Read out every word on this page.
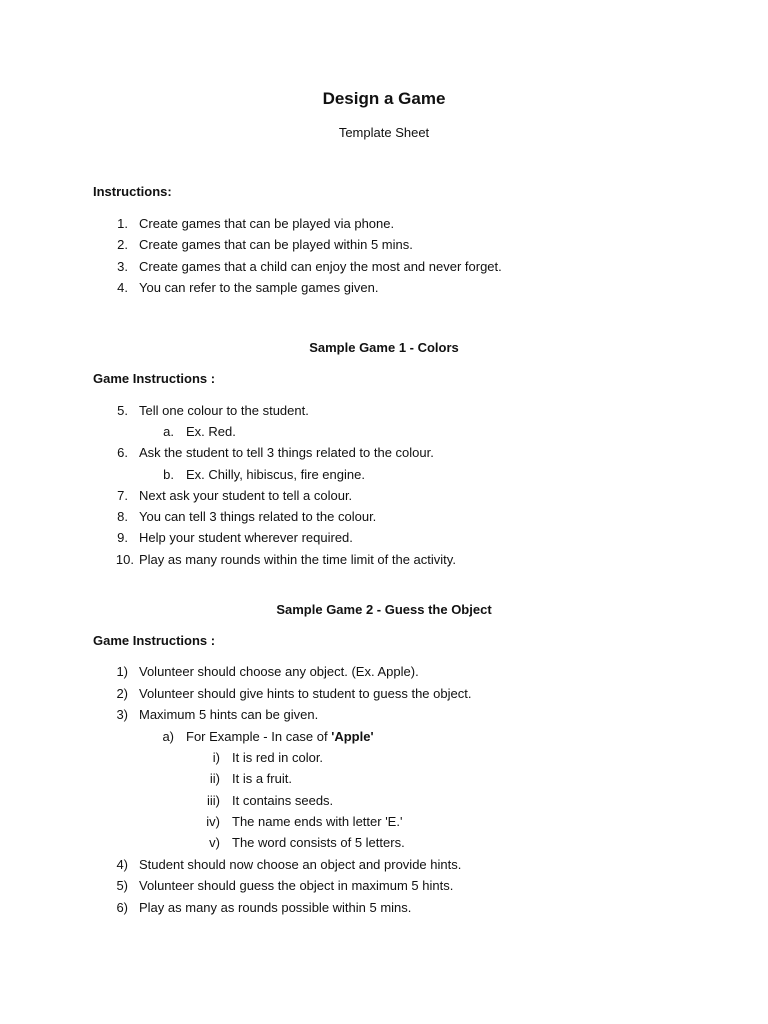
Design a Game
Template Sheet
Instructions:
1. Create games that can be played via phone.
2. Create games that can be played within 5 mins.
3. Create games that a child can enjoy the most and never forget.
4. You can refer to the sample games given.
Sample Game 1 - Colors
Game Instructions :
5. Tell one colour to the student.
a. Ex. Red.
6. Ask the student to tell 3 things related to the colour.
b. Ex. Chilly, hibiscus, fire engine.
7. Next ask your student to tell a colour.
8. You can tell 3 things related to the colour.
9. Help your student wherever required.
10. Play as many rounds within the time limit of the activity.
Sample Game 2 - Guess the Object
Game Instructions :
1) Volunteer should choose any object. (Ex. Apple).
2) Volunteer should give hints to student to guess the object.
3) Maximum 5 hints can be given.
a) For Example - In case of 'Apple'
i) It is red in color.
ii) It is a fruit.
iii) It contains seeds.
iv) The name ends with letter 'E.'
v) The word consists of 5 letters.
4) Student should now choose an object and provide hints.
5) Volunteer should guess the object in maximum 5 hints.
6) Play as many as rounds possible within 5 mins.
